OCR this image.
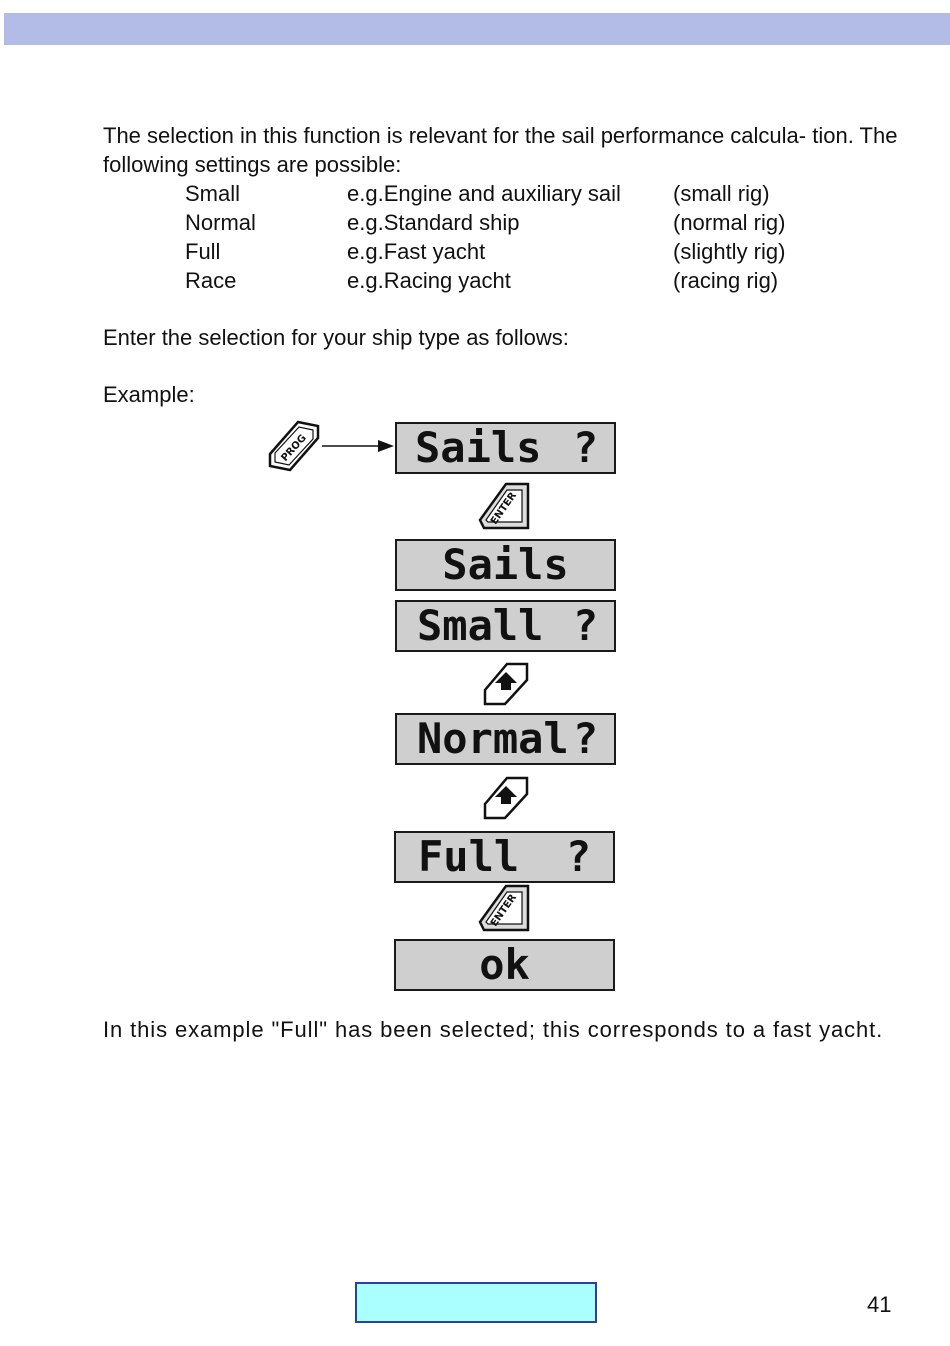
The selection in this function is relevant for the sail performance calcula- tion. The following settings are possible:

Small	e.g.Engine and auxiliary sail (small rig)
Normal	e.g.Standard ship	(normal rig)
Full	e.g.Fast yacht	(slightly rig)
Race	e.g.Racing yacht	(racing rig)

Enter the selection for your ship type as follows:

Example:

PROG	Sails ?
ENTER
Sails
Small ?
Normal ?
Full ?
ENTER
ok

In this example "Full" has been selected; this corresponds to a fast yacht.

41
